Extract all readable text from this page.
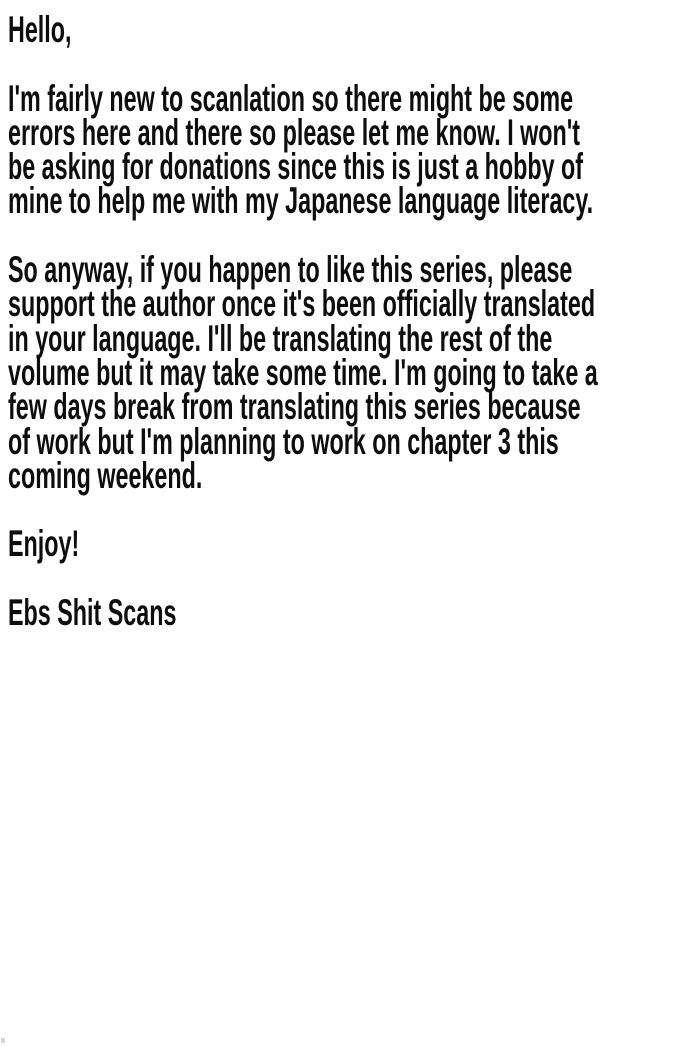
Hello,
I'm fairly new to scanlation so there might be some
errors here and there so please let me know. I won't
be asking for donations since this is just a hobby of
mine to help me with my Japanese language literacy.
So anyway, if you happen to like this series, please
support the author once it's been officially translated
in your language. I'll be translating the rest of the
volume but it may take some time. I'm going to take a
few days break from translating this series because
of work but I'm planning to work on chapter 3 this
coming weekend.
Enjoy!
Ebs Shit Scans
